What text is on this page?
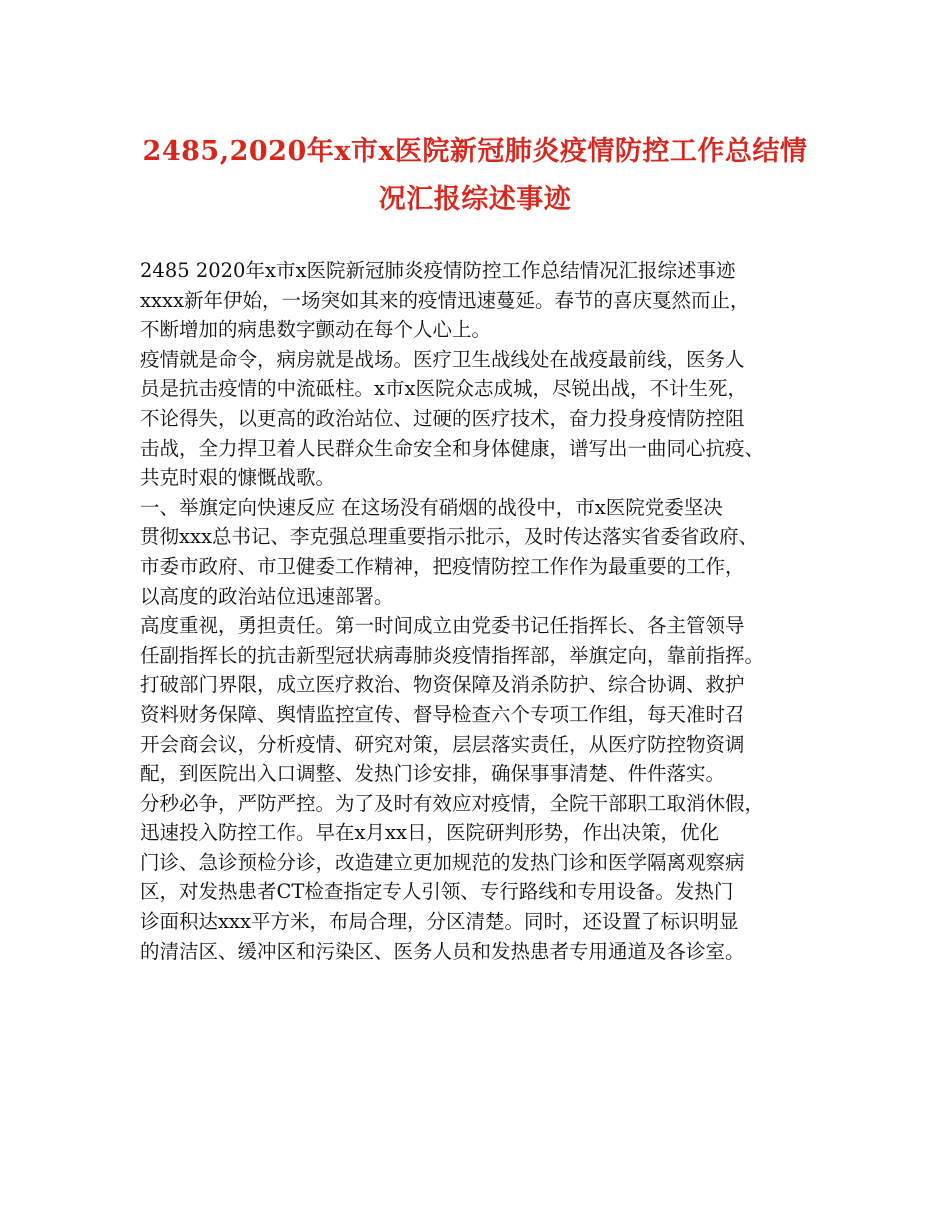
2485,2020年x市x医院新冠肺炎疫情防控工作总结情
况汇报综述事迹
2485 2020年x市x医院新冠肺炎疫情防控工作总结情况汇报综述事迹
xxxx新年伊始，一场突如其来的疫情迅速蔓延。春节的喜庆戛然而止，
不断增加的病患数字颤动在每个人心上。
疫情就是命令，病房就是战场。医疗卫生战线处在战疫最前线，医务人
员是抗击疫情的中流砥柱。x市x医院众志成城，尽锐出战，不计生死，
不论得失，以更高的政治站位、过硬的医疗技术，奋力投身疫情防控阻
击战，全力捍卫着人民群众生命安全和身体健康，谱写出一曲同心抗疫、
共克时艰的慷慨战歌。
一、举旗定向快速反应 在这场没有硝烟的战役中，市x医院党委坚决
贯彻xxx总书记、李克强总理重要指示批示，及时传达落实省委省政府、
市委市政府、市卫健委工作精神，把疫情防控工作作为最重要的工作，
以高度的政治站位迅速部署。
高度重视，勇担责任。第一时间成立由党委书记任指挥长、各主管领导
任副指挥长的抗击新型冠状病毒肺炎疫情指挥部，举旗定向，靠前指挥。
打破部门界限，成立医疗救治、物资保障及消杀防护、综合协调、救护
资料财务保障、舆情监控宣传、督导检查六个专项工作组，每天准时召
开会商会议，分析疫情、研究对策，层层落实责任，从医疗防控物资调
配，到医院出入口调整、发热门诊安排，确保事事清楚、件件落实。
分秒必争，严防严控。为了及时有效应对疫情，全院干部职工取消休假，
迅速投入防控工作。早在x月xx日，医院研判形势，作出决策，优化
门诊、急诊预检分诊，改造建立更加规范的发热门诊和医学隔离观察病
区，对发热患者CT检查指定专人引领、专行路线和专用设备。发热门
诊面积达xxx平方米，布局合理，分区清楚。同时，还设置了标识明显
的清洁区、缓冲区和污染区、医务人员和发热患者专用通道及各诊室。
